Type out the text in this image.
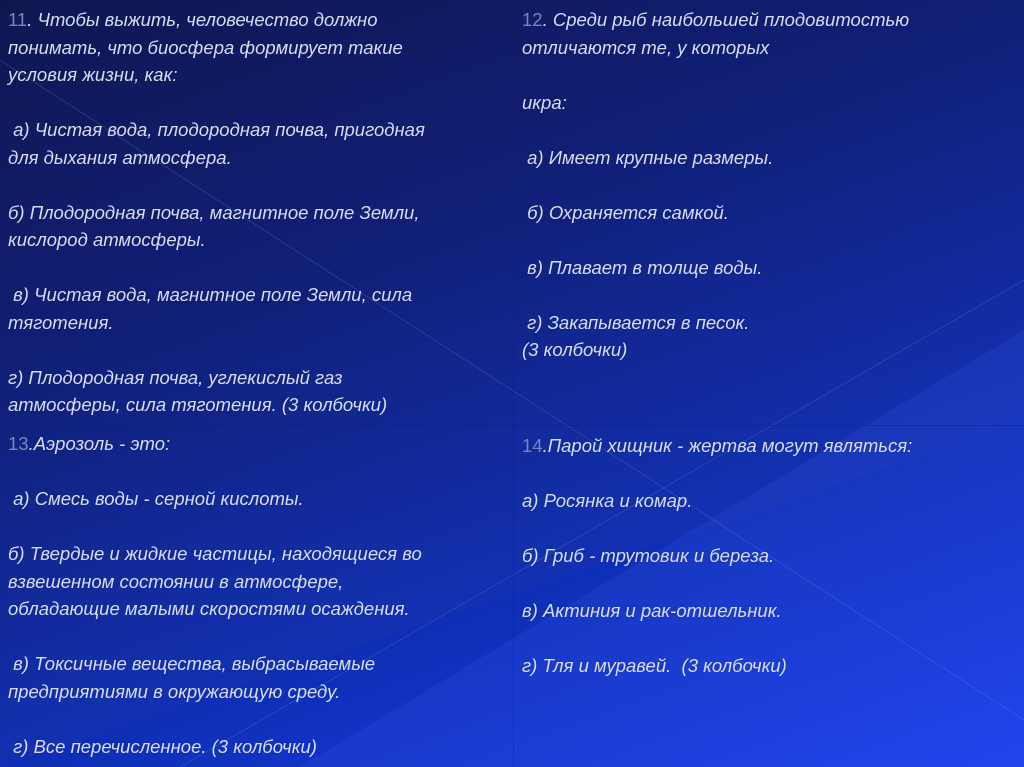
11. Чтобы выжить, человечество должно
понимать, что биосфера формирует такие
условия жизни, как:
а) Чистая вода, плодородная почва, пригодная
для дыхания атмосфера.
б) Плодородная почва, магнитное поле Земли,
кислород атмосферы.
в) Чистая вода, магнитное поле Земли, сила
тяготения.
г) Плодородная почва, углекислый газ
атмосферы, сила тяготения. (3 колбочки)
12. Среди рыб наибольшей плодовитостью
отличаются те, у которых
икра:
а) Имеет крупные размеры.
б) Охраняется самкой.
в) Плавает в толще воды.
г) Закапывается в песок.
(3 колбочки)
13.Аэрозоль - это:
а) Смесь воды - серной кислоты.
б) Твердые и жидкие частицы, находящиеся во
взвешенном состоянии в атмосфере,
обладающие малыми скоростями осаждения.
в) Токсичные вещества, выбрасываемые
предприятиями в окружающую среду.
г) Все перечисленное. (3 колбочки)
14.Парой хищник - жертва могут являться:
а) Росянка и комар.
б) Гриб - трутовик и береза.
в) Актиния и рак-отшельник.
г) Тля и муравей.  (3 колбочки)
